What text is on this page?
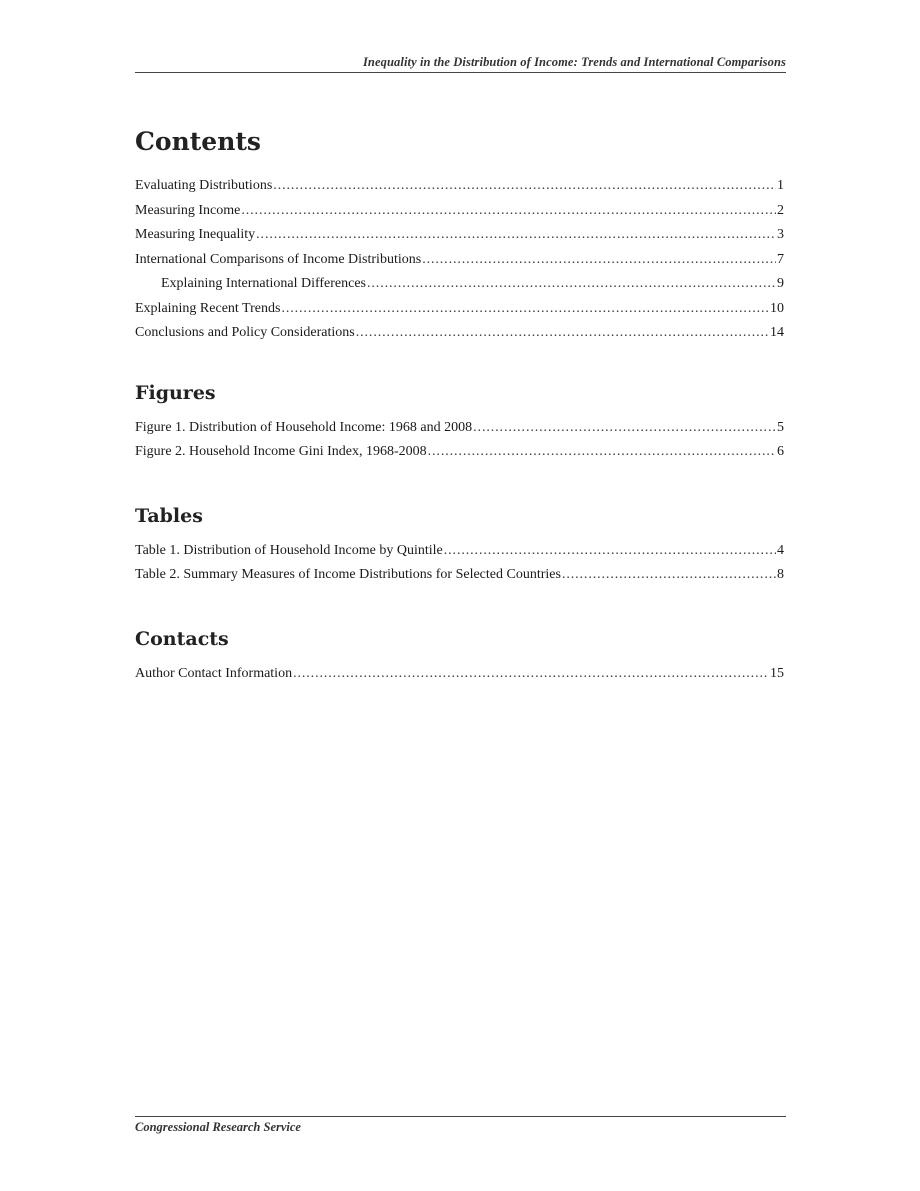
Inequality in the Distribution of Income: Trends and International Comparisons
Contents
Evaluating Distributions .....	1
Measuring Income .....	2
Measuring Inequality .....	3
International Comparisons of Income Distributions .....	7
Explaining International Differences .....	9
Explaining Recent Trends .....	10
Conclusions and Policy Considerations .....	14
Figures
Figure 1. Distribution of Household Income: 1968 and 2008 .....	5
Figure 2. Household Income Gini Index, 1968-2008 .....	6
Tables
Table 1. Distribution of Household Income by Quintile .....	4
Table 2. Summary Measures of Income Distributions for Selected Countries .....	8
Contacts
Author Contact Information .....	15
Congressional Research Service
